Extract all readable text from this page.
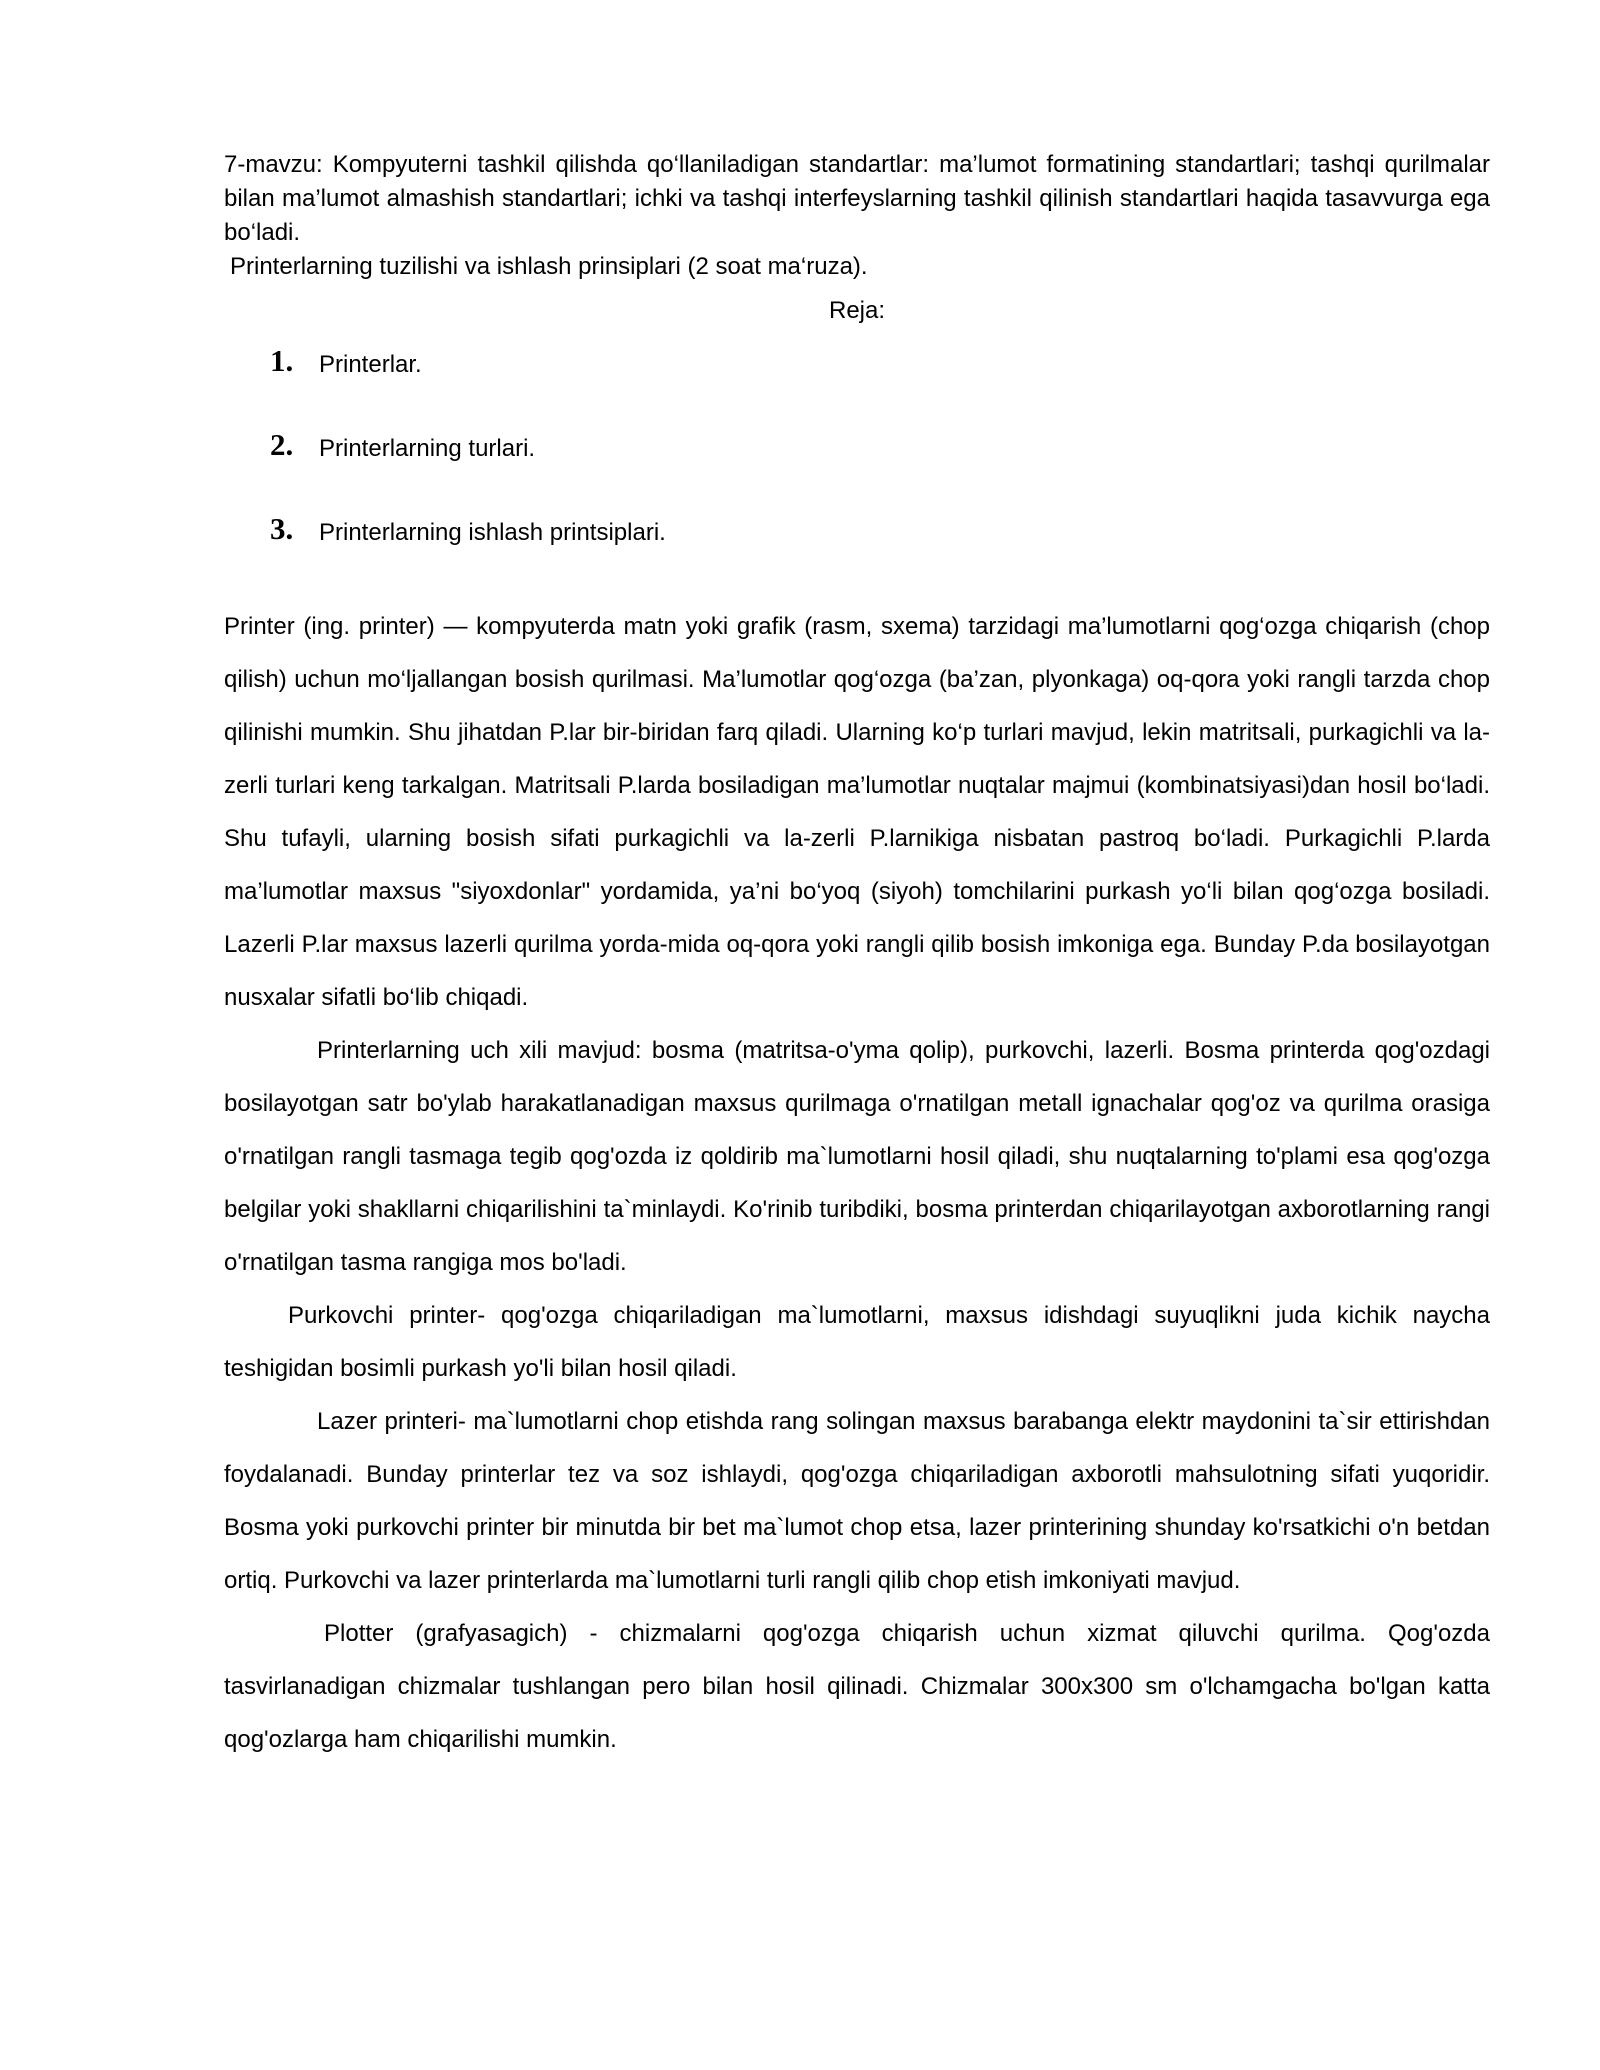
7-mavzu: Kompyuterni tashkil qilishda qo‘llaniladigan standartlar: ma’lumot formatining standartlari; tashqi qurilmalar bilan ma’lumot almashish standartlari; ichki va tashqi interfeyslarning tashkil qilinish standartlari haqida tasavvurga ega bo‘ladi.

Printerlarning tuzilishi va ishlash prinsiplari (2 soat ma‘ruza).

Reja:
1. Printerlar.
2. Printerlarning turlari.
3. Printerlarning ishlash printsiplari.

Printer (ing. printer) — kompyuterda matn yoki grafik (rasm, sxema) tarzidagi ma’lumotlarni qog‘ozga chiqarish (chop qilish) uchun mo‘ljallangan bosish qurilmasi. Ma’lumotlar qog‘ozga (ba’zan, plyonkaga) oq-qora yoki rangli tarzda chop qilinishi mumkin. Shu jihatdan P.lar bir-biridan farq qiladi. Ularning ko‘p turlari mavjud, lekin matritsali, purkagichli va la-zerli turlari keng tarkalgan. Matritsali P.larda bosiladigan ma’lumotlar nuqtalar majmui (kombinatsiyasi)dan hosil bo‘ladi. Shu tufayli, ularning bosish sifati purkagichli va la-zerli P.larnikiga nisbatan pastroq bo‘ladi. Purkagichli P.larda ma’lumotlar maxsus "siyoxdonlar" yordamida, ya’ni bo‘yoq (siyoh) tomchilarini purkash yo‘li bilan qog‘ozga bosiladi. Lazerli P.lar maxsus lazerli qurilma yorda-mida oq-qora yoki rangli qilib bosish imkoniga ega. Bunday P.da bosilayotgan nusxalar sifatli bo‘lib chiqadi.

Printerlarning uch xili mavjud: bosma (matritsa-o'yma qolip), purkovchi, lazerli. Bosma printerda qog'ozdagi bosilayotgan satr bo'ylab harakatlanadigan maxsus qurilmaga o'rnatilgan metall ignachalar qog'oz va qurilma orasiga o'rnatilgan rangli tasmaga tegib qog'ozda iz qoldirib ma`lumotlarni hosil qiladi, shu nuqtalarning to'plami esa qog'ozga belgilar yoki shakllarni chiqarilishini ta`minlaydi. Ko'rinib turibdiki, bosma printerdan chiqarilayotgan axborotlarning rangi o'rnatilgan tasma rangiga mos bo'ladi.

Purkovchi printer- qog'ozga chiqariladigan ma`lumotlarni, maxsus idishdagi suyuqlikni juda kichik naycha teshigidan bosimli purkash yo'li bilan hosil qiladi.

Lazer printeri- ma`lumotlarni chop etishda rang solingan maxsus barabanga elektr maydonini ta`sir ettirishdan foydalanadi. Bunday printerlar tez va soz ishlaydi, qog'ozga chiqariladigan axborotli mahsulotning sifati yuqoridir. Bosma yoki purkovchi printer bir minutda bir bet ma`lumot chop etsa, lazer printerining shunday ko'rsatkichi o'n betdan ortiq. Purkovchi va lazer printerlarda ma`lumotlarni turli rangli qilib chop etish imkoniyati mavjud.

Plotter (grafyasagich) - chizmalarni qog'ozga chiqarish uchun xizmat qiluvchi qurilma. Qog'ozda tasvirlanadigan chizmalar tushlangan pero bilan hosil qilinadi. Chizmalar 300x300 sm o'lchamgacha bo'lgan katta qog'ozlarga ham chiqarilishi mumkin.
